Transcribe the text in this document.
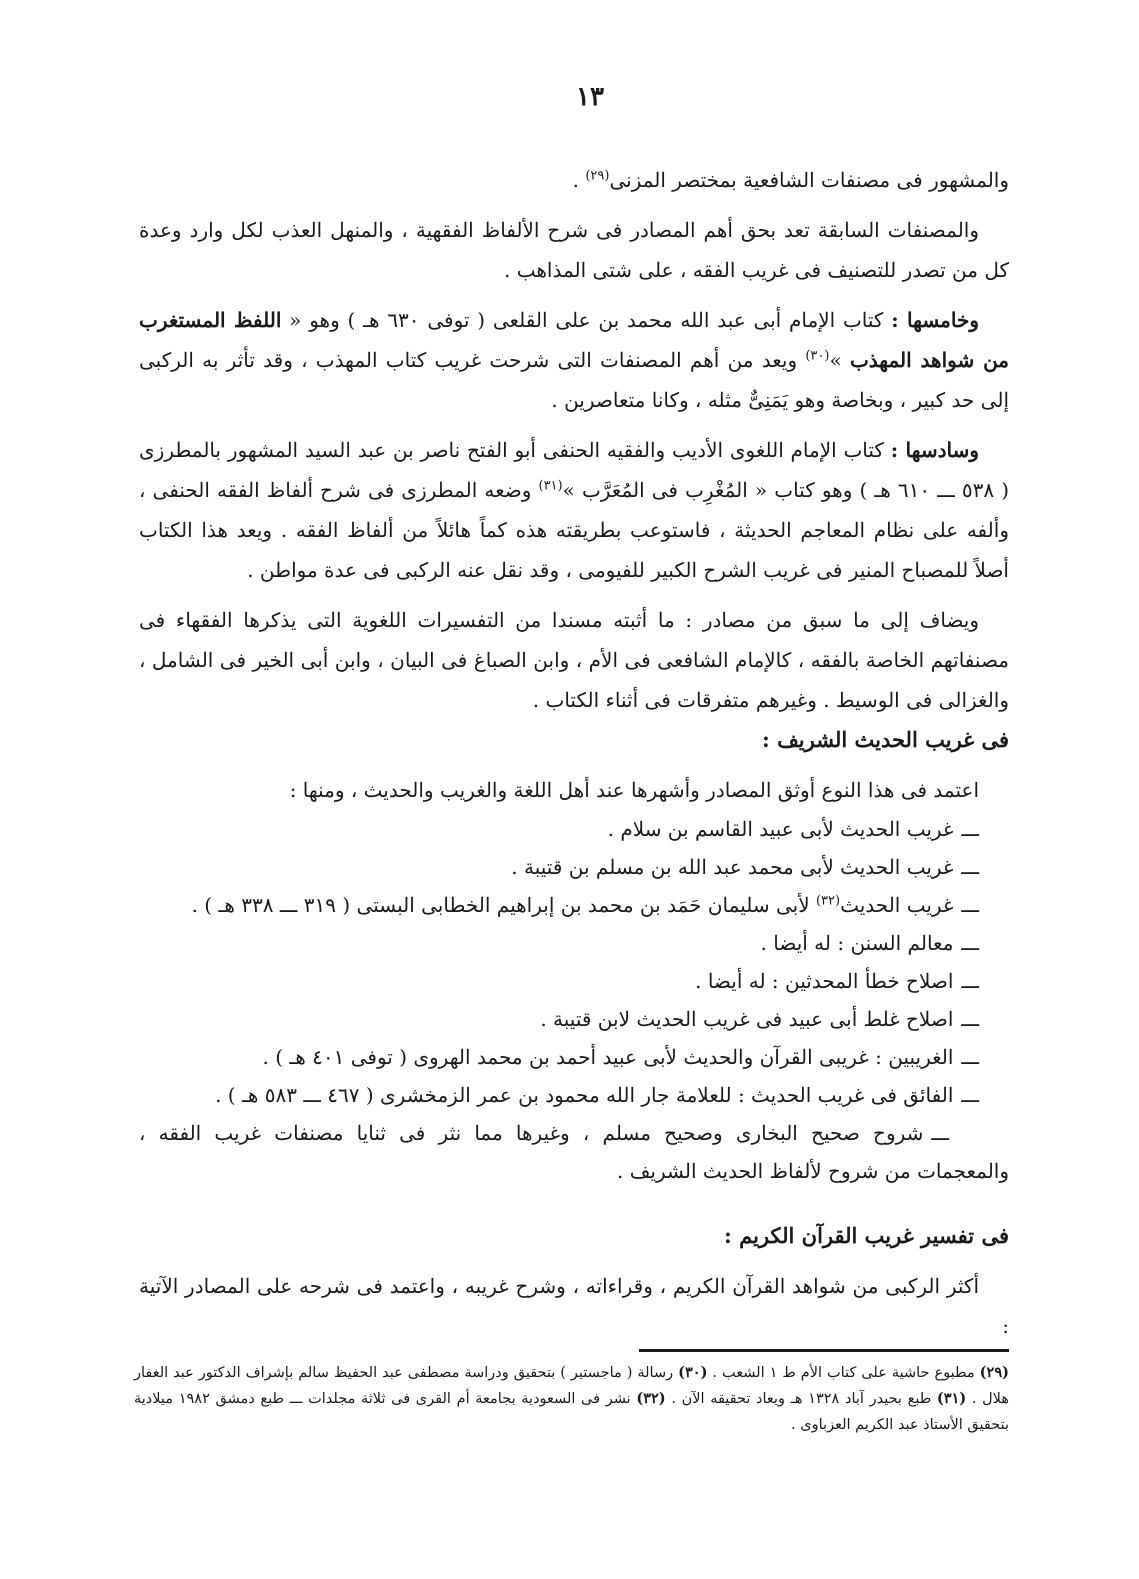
١٣

والمشهور فى مصنفات الشافعية بمختصر المزنى$^{(٢٩)}$ .

والمصنفات السابقة تعد بحق أهم المصادر فى شرح الألفاظ الفقهية ، والمنهل العذب لكل وارد وعدة كل من تصدر للتصنيف فى غريب الفقه ، على شتى المذاهب .

وخامسها : كتاب الإمام أبى عبد الله محمد بن على القلعى ( توفى ٦٣٠ هـ ) وهو « اللفظ المستغرب من شواهد المهذب »$^{(٣٠)}$ ويعد من أهم المصنفات التى شرحت غريب كتاب المهذب ، وقد تأثر به الركبى إلى حد كبير ، وبخاصة وهو يَمَنِىٌّ مثله ، وكانا متعاصرين .

وسادسها : كتاب الإمام اللغوى الأديب والفقيه الحنفى أبو الفتح ناصر بن عبد السيد المشهور بالمطرزى ( ٥٣٨ ـــ ٦١٠ هـ ) وهو كتاب « المُغْرِب فى المُعَرَّب »$^{(٣١)}$ وضعه المطرزى فى شرح ألفاظ الفقه الحنفى ، وألفه على نظام المعاجم الحديثة ، فاستوعب بطريقته هذه كماً هائلاً من ألفاظ الفقه . ويعد هذا الكتاب أصلاً للمصباح المنير فى غريب الشرح الكبير للفيومى ، وقد نقل عنه الركبى فى عدة مواطن .

ويضاف إلى ما سبق من مصادر : ما أثبته مسندا من التفسيرات اللغوية التى يذكرها الفقهاء فى مصنفاتهم الخاصة بالفقه ، كالإمام الشافعى فى الأم ، وابن الصباغ فى البيان ، وابن أبى الخير فى الشامل ، والغزالى فى الوسيط . وغيرهم متفرقات فى أثناء الكتاب .

فى غريب الحديث الشريف :

اعتمد فى هذا النوع أوثق المصادر وأشهرها عند أهل اللغة والغريب والحديث ، ومنها :

ـــغريب الحديث لأبى عبيد القاسم بن سلام .
ـــغريب الحديث لأبى محمد عبد الله بن مسلم بن قتيبة .
ـــغريب الحديث$^{(٣٢)}$ لأبى سليمان حَمَد بن محمد بن إبراهيم الخطابى البستى ( ٣١٩ ـــ ٣٣٨ هـ ) .
ـــمعالم السنن : له أيضا .
ـــاصلاح خطأ المحدثين : له أيضا .
ـــاصلاح غلط أبى عبيد فى غريب الحديث لابن قتيبة .
ـــالغريبين : غريبى القرآن والحديث لأبى عبيد أحمد بن محمد الهروى ( توفى ٤٠١ هـ ) .
ـــالفائق فى غريب الحديث : للعلامة جار الله محمود بن عمر الزمخشرى ( ٤٦٧ ـــ ٥٨٣ هـ ) .
ـــشروح صحيح البخارى وصحيح مسلم ، وغيرها مما نثر فى ثنايا مصنفات غريب الفقه ، والمعجمات من شروح لألفاظ الحديث الشريف .

فى تفسير غريب القرآن الكريم :

أكثر الركبى من شواهد القرآن الكريم ، وقراءاته ، وشرح غريبه ، واعتمد فى شرحه على المصادر الآتية :

(٢٩) مطبوع حاشية على كتاب الأم ط ١ الشعب . (٣٠) رسالة ( ماجستير ) بتحقيق ودراسة مصطفى عبد الحفيظ سالم بإشراف الدكتور عبد الغفار هلال . (٣١) طبع بحيدر آباد ١٣٢٨ هـ ويعاد تحقيقه الآن . (٣٢) نشر فى السعودية بجامعة أم القرى فى ثلاثة مجلدات ـــ طبع دمشق ١٩٨٢ ميلادية بتحقيق الأستاذ عبد الكريم العزباوى .
